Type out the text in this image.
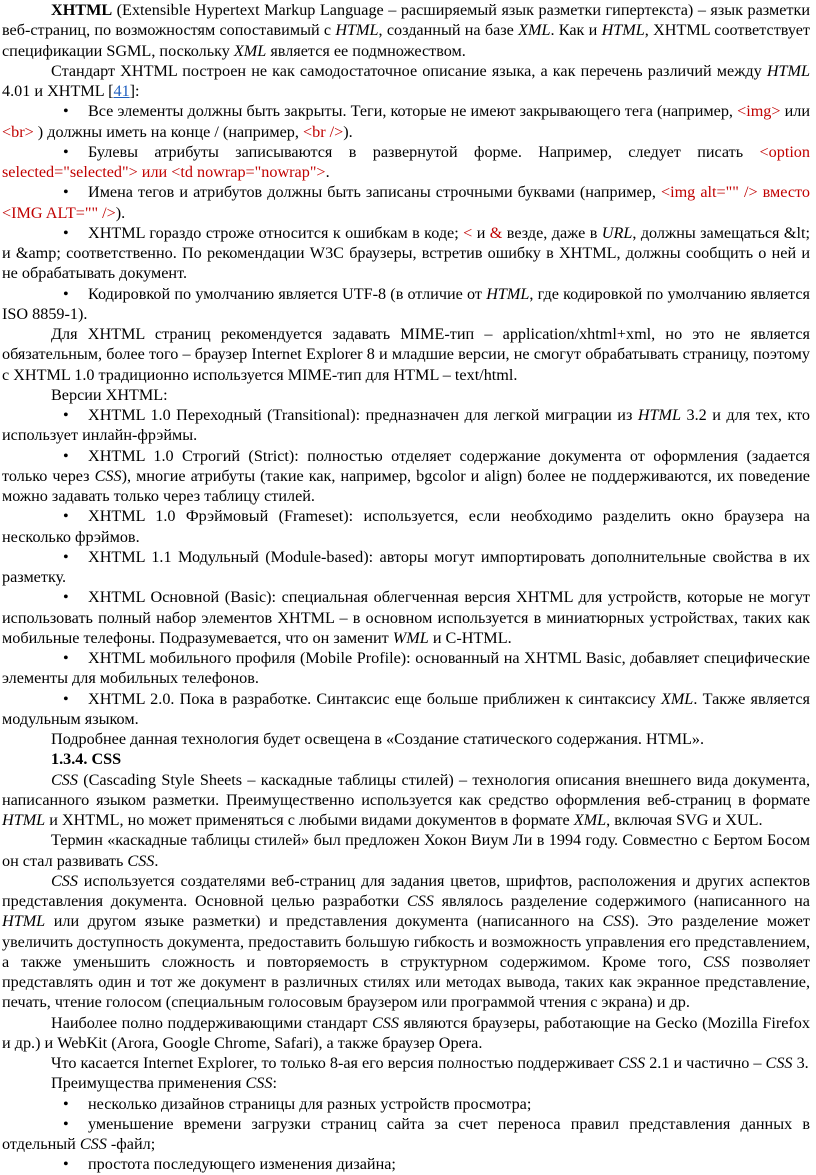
XHTML (Extensible Hypertext Markup Language – расширяемый язык разметки гипертекста) – язык разметки веб-страниц, по возможностям сопоставимый с HTML, созданный на базе XML. Как и HTML, XHTML соответствует спецификации SGML, поскольку XML является ее подмножеством.

Стандарт XHTML построен не как самодостаточное описание языка, а как перечень различий между HTML 4.01 и XHTML [41]:

• Все элементы должны быть закрыты. Теги, которые не имеют закрывающего тега (например, <img> или <br> ) должны иметь на конце / (например, <br />).

• Булевы атрибуты записываются в развернутой форме. Например, следует писать <option selected="selected"> или <td nowrap="nowrap">.

• Имена тегов и атрибутов должны быть записаны строчными буквами (например, <img alt="" /> вместо <IMG ALT="" />).

• XHTML гораздо строже относится к ошибкам в коде; < и & везде, даже в URL, должны замещаться &lt; и &amp; соответственно. По рекомендации W3C браузеры, встретив ошибку в XHTML, должны сообщить о ней и не обрабатывать документ.

• Кодировкой по умолчанию является UTF-8 (в отличие от HTML, где кодировкой по умолчанию является ISO 8859-1).

Для XHTML страниц рекомендуется задавать MIME-тип – application/xhtml+xml, но это не является обязательным, более того – браузер Internet Explorer 8 и младшие версии, не смогут обрабатывать страницу, поэтому с XHTML 1.0 традиционно используется MIME-тип для HTML – text/html.

Версии XHTML:

• XHTML 1.0 Переходный (Transitional): предназначен для легкой миграции из HTML 3.2 и для тех, кто использует инлайн-фрэймы.

• XHTML 1.0 Строгий (Strict): полностью отделяет содержание документа от оформления (задается только через CSS), многие атрибуты (такие как, например, bgcolor и align) более не поддерживаются, их поведение можно задавать только через таблицу стилей.

• XHTML 1.0 Фрэймовый (Frameset): используется, если необходимо разделить окно браузера на несколько фрэймов.

• XHTML 1.1 Модульный (Module-based): авторы могут импортировать дополнительные свойства в их разметку.

• XHTML Основной (Basic): специальная облегченная версия XHTML для устройств, которые не могут использовать полный набор элементов XHTML – в основном используется в миниатюрных устройствах, таких как мобильные телефоны. Подразумевается, что он заменит WML и C-HTML.

• XHTML мобильного профиля (Mobile Profile): основанный на XHTML Basic, добавляет специфические элементы для мобильных телефонов.

• XHTML 2.0. Пока в разработке. Синтаксис еще больше приближен к синтаксису XML. Также является модульным языком.

Подробнее данная технология будет освещена в «Создание статического содержания. HTML».

1.3.4. CSS

CSS (Cascading Style Sheets – каскадные таблицы стилей) – технология описания внешнего вида документа, написанного языком разметки. Преимущественно используется как средство оформления веб-страниц в формате HTML и XHTML, но может применяться с любыми видами документов в формате XML, включая SVG и XUL.

Термин «каскадные таблицы стилей» был предложен Хокон Виум Ли в 1994 году. Совместно с Бертом Босом он стал развивать CSS.

CSS используется создателями веб-страниц для задания цветов, шрифтов, расположения и других аспектов представления документа. Основной целью разработки CSS являлось разделение содержимого (написанного на HTML или другом языке разметки) и представления документа (написанного на CSS). Это разделение может увеличить доступность документа, предоставить большую гибкость и возможность управления его представлением, а также уменьшить сложность и повторяемость в структурном содержимом. Кроме того, CSS позволяет представлять один и тот же документ в различных стилях или методах вывода, таких как экранное представление, печать, чтение голосом (специальным голосовым браузером или программой чтения с экрана) и др.

Наиболее полно поддерживающими стандарт CSS являются браузеры, работающие на Gecko (Mozilla Firefox и др.) и WebKit (Arora, Google Chrome, Safari), а также браузер Opera.

Что касается Internet Explorer, то только 8-ая его версия полностью поддерживает CSS 2.1 и частично – CSS 3.

Преимущества применения CSS:

• несколько дизайнов страницы для разных устройств просмотра;

• уменьшение времени загрузки страниц сайта за счет переноса правил представления данных в отдельный CSS -файл;

• простота последующего изменения дизайна;
